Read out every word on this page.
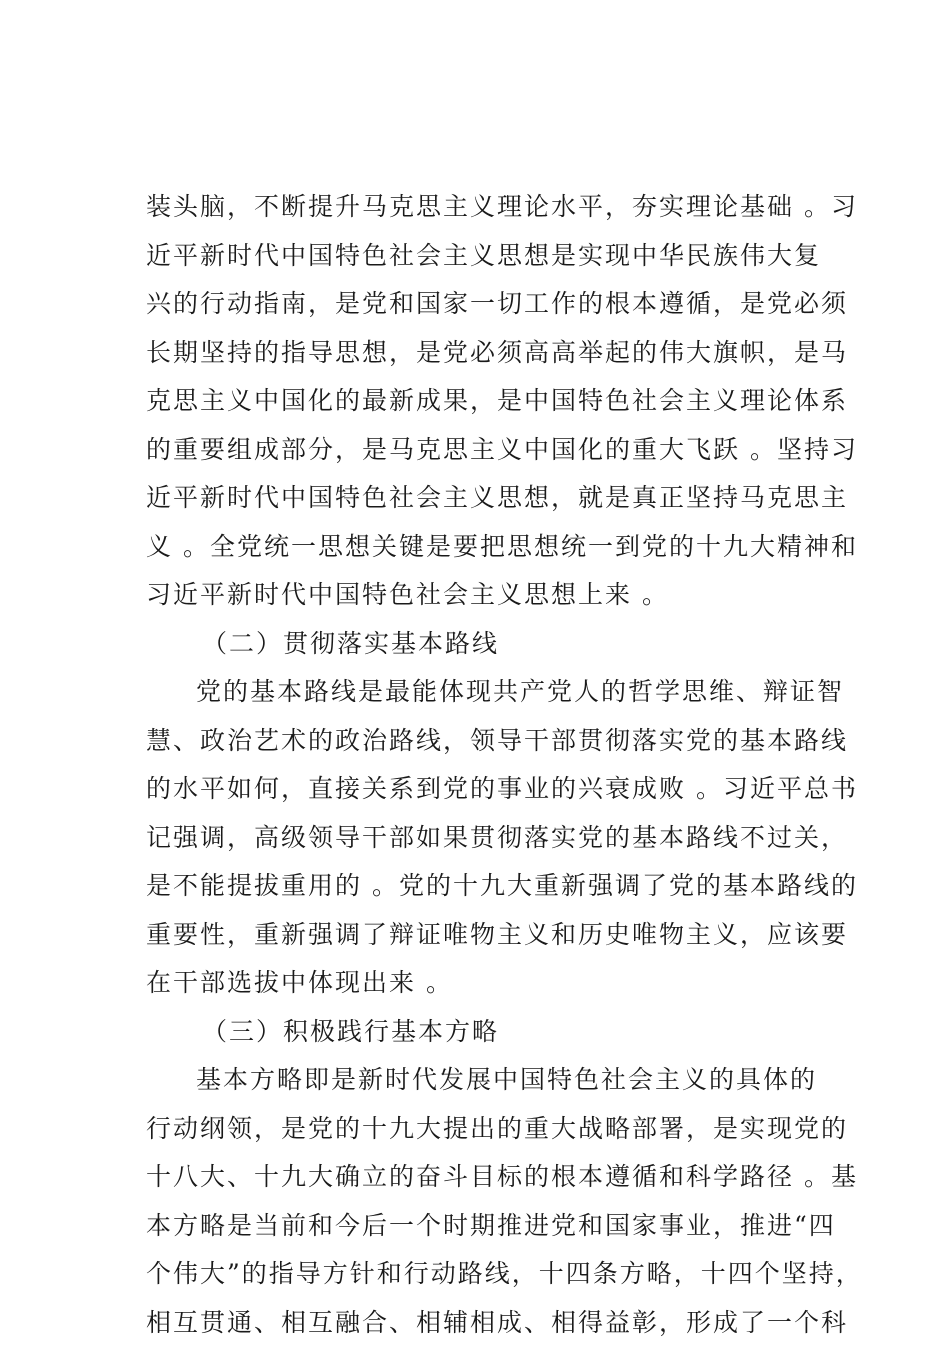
装头脑，不断提升马克思主义理论水平，夯实理论基础 。习
近平新时代中国特色社会主义思想是实现中华民族伟大复
兴的行动指南，是党和国家一切工作的根本遵循，是党必须
长期坚持的指导思想，是党必须高高举起的伟大旗帜，是马
克思主义中国化的最新成果，是中国特色社会主义理论体系
的重要组成部分，是马克思主义中国化的重大飞跃 。坚持习
近平新时代中国特色社会主义思想，就是真正坚持马克思主
义 。全党统一思想关键是要把思想统一到党的十九大精神和
习近平新时代中国特色社会主义思想上来 。
（二）贯彻落实基本路线
党的基本路线是最能体现共产党人的哲学思维、辩证智
慧、政治艺术的政治路线，领导干部贯彻落实党的基本路线
的水平如何，直接关系到党的事业的兴衰成败 。习近平总书
记强调，高级领导干部如果贯彻落实党的基本路线不过关，
是不能提拔重用的 。党的十九大重新强调了党的基本路线的
重要性，重新强调了辩证唯物主义和历史唯物主义，应该要
在干部选拔中体现出来 。
（三）积极践行基本方略
基本方略即是新时代发展中国特色社会主义的具体的
行动纲领，是党的十九大提出的重大战略部署，是实现党的
十八大、十九大确立的奋斗目标的根本遵循和科学路径 。基
本方略是当前和今后一个时期推进党和国家事业，推进“四
个伟大”的指导方针和行动路线，十四条方略，十四个坚持，
相互贯通、相互融合、相辅相成、相得益彰，形成了一个科
